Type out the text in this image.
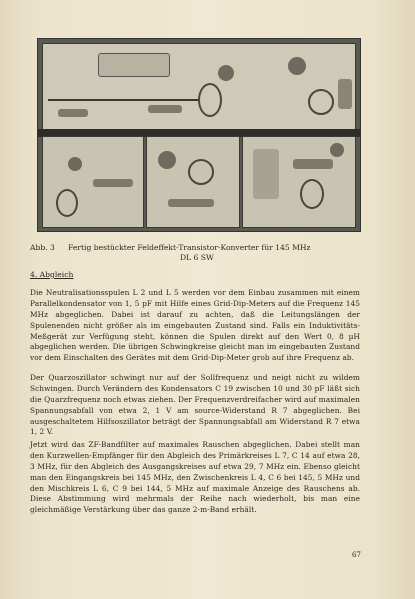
Abb. 3 Fertig bestückter Feldeffekt-Transistor-Konverter für 145 MHz
DL 6 SW
4. Abgleich

Die Neutralisationsspulen L 2 und L 5 werden vor dem Einbau zusammen mit einem Parallelkondensator von 1, 5 pF mit Hilfe eines Grid-Dip-Meters auf die Frequenz 145 MHz abgeglichen. Dabei ist darauf zu achten, daß die Leitungslängen der Spulenenden nicht größer als im eingebauten Zustand sind. Falls ein Induktivitäts-Meßgerät zur Verfügung steht, können die Spulen direkt auf den Wert 0, 8 µH abgeglichen werden. Die übrigen Schwingkreise gleicht man im eingebauten Zustand vor dem Einschalten des Gerätes mit dem Grid-Dip-Meter grob auf ihre Frequenz ab.

Der Quarzoszillator schwingt nur auf der Sollfrequenz und neigt nicht zu wildem Schwingen. Durch Verändern des Kondensators C 19 zwischen 10 und 30 pF läßt sich die Quarzfrequenz noch etwas ziehen. Der Frequenzverdreifacher wird auf maximalen Spannungsabfall von etwa 2, 1 V am source-Widerstand R 7 abgeglichen. Bei ausgeschaltetem Hilfsoszillator beträgt der Spannungsabfall am Widerstand R 7 etwa 1, 2 V.

Jetzt wird das ZF-Bandfilter auf maximales Rauschen abgeglichen. Dabei stellt man den Kurzwellen-Empfänger für den Abgleich des Primärkreises L 7, C 14 auf etwa 28, 3 MHz, für den Abgleich des Ausgangskreises auf etwa 29, 7 MHz ein. Ebenso gleicht man den Eingangskreis bei 145 MHz, den Zwischenkreis L 4, C 6 bei 145, 5 MHz und den Mischkreis L 6, C 9 bei 144, 5 MHz auf maximale Anzeige des Rauschens ab. Diese Abstimmung wird mehrmals der Reihe nach wiederholt, bis man eine gleichmäßige Verstärkung über das ganze 2-m-Band erhält.

67
